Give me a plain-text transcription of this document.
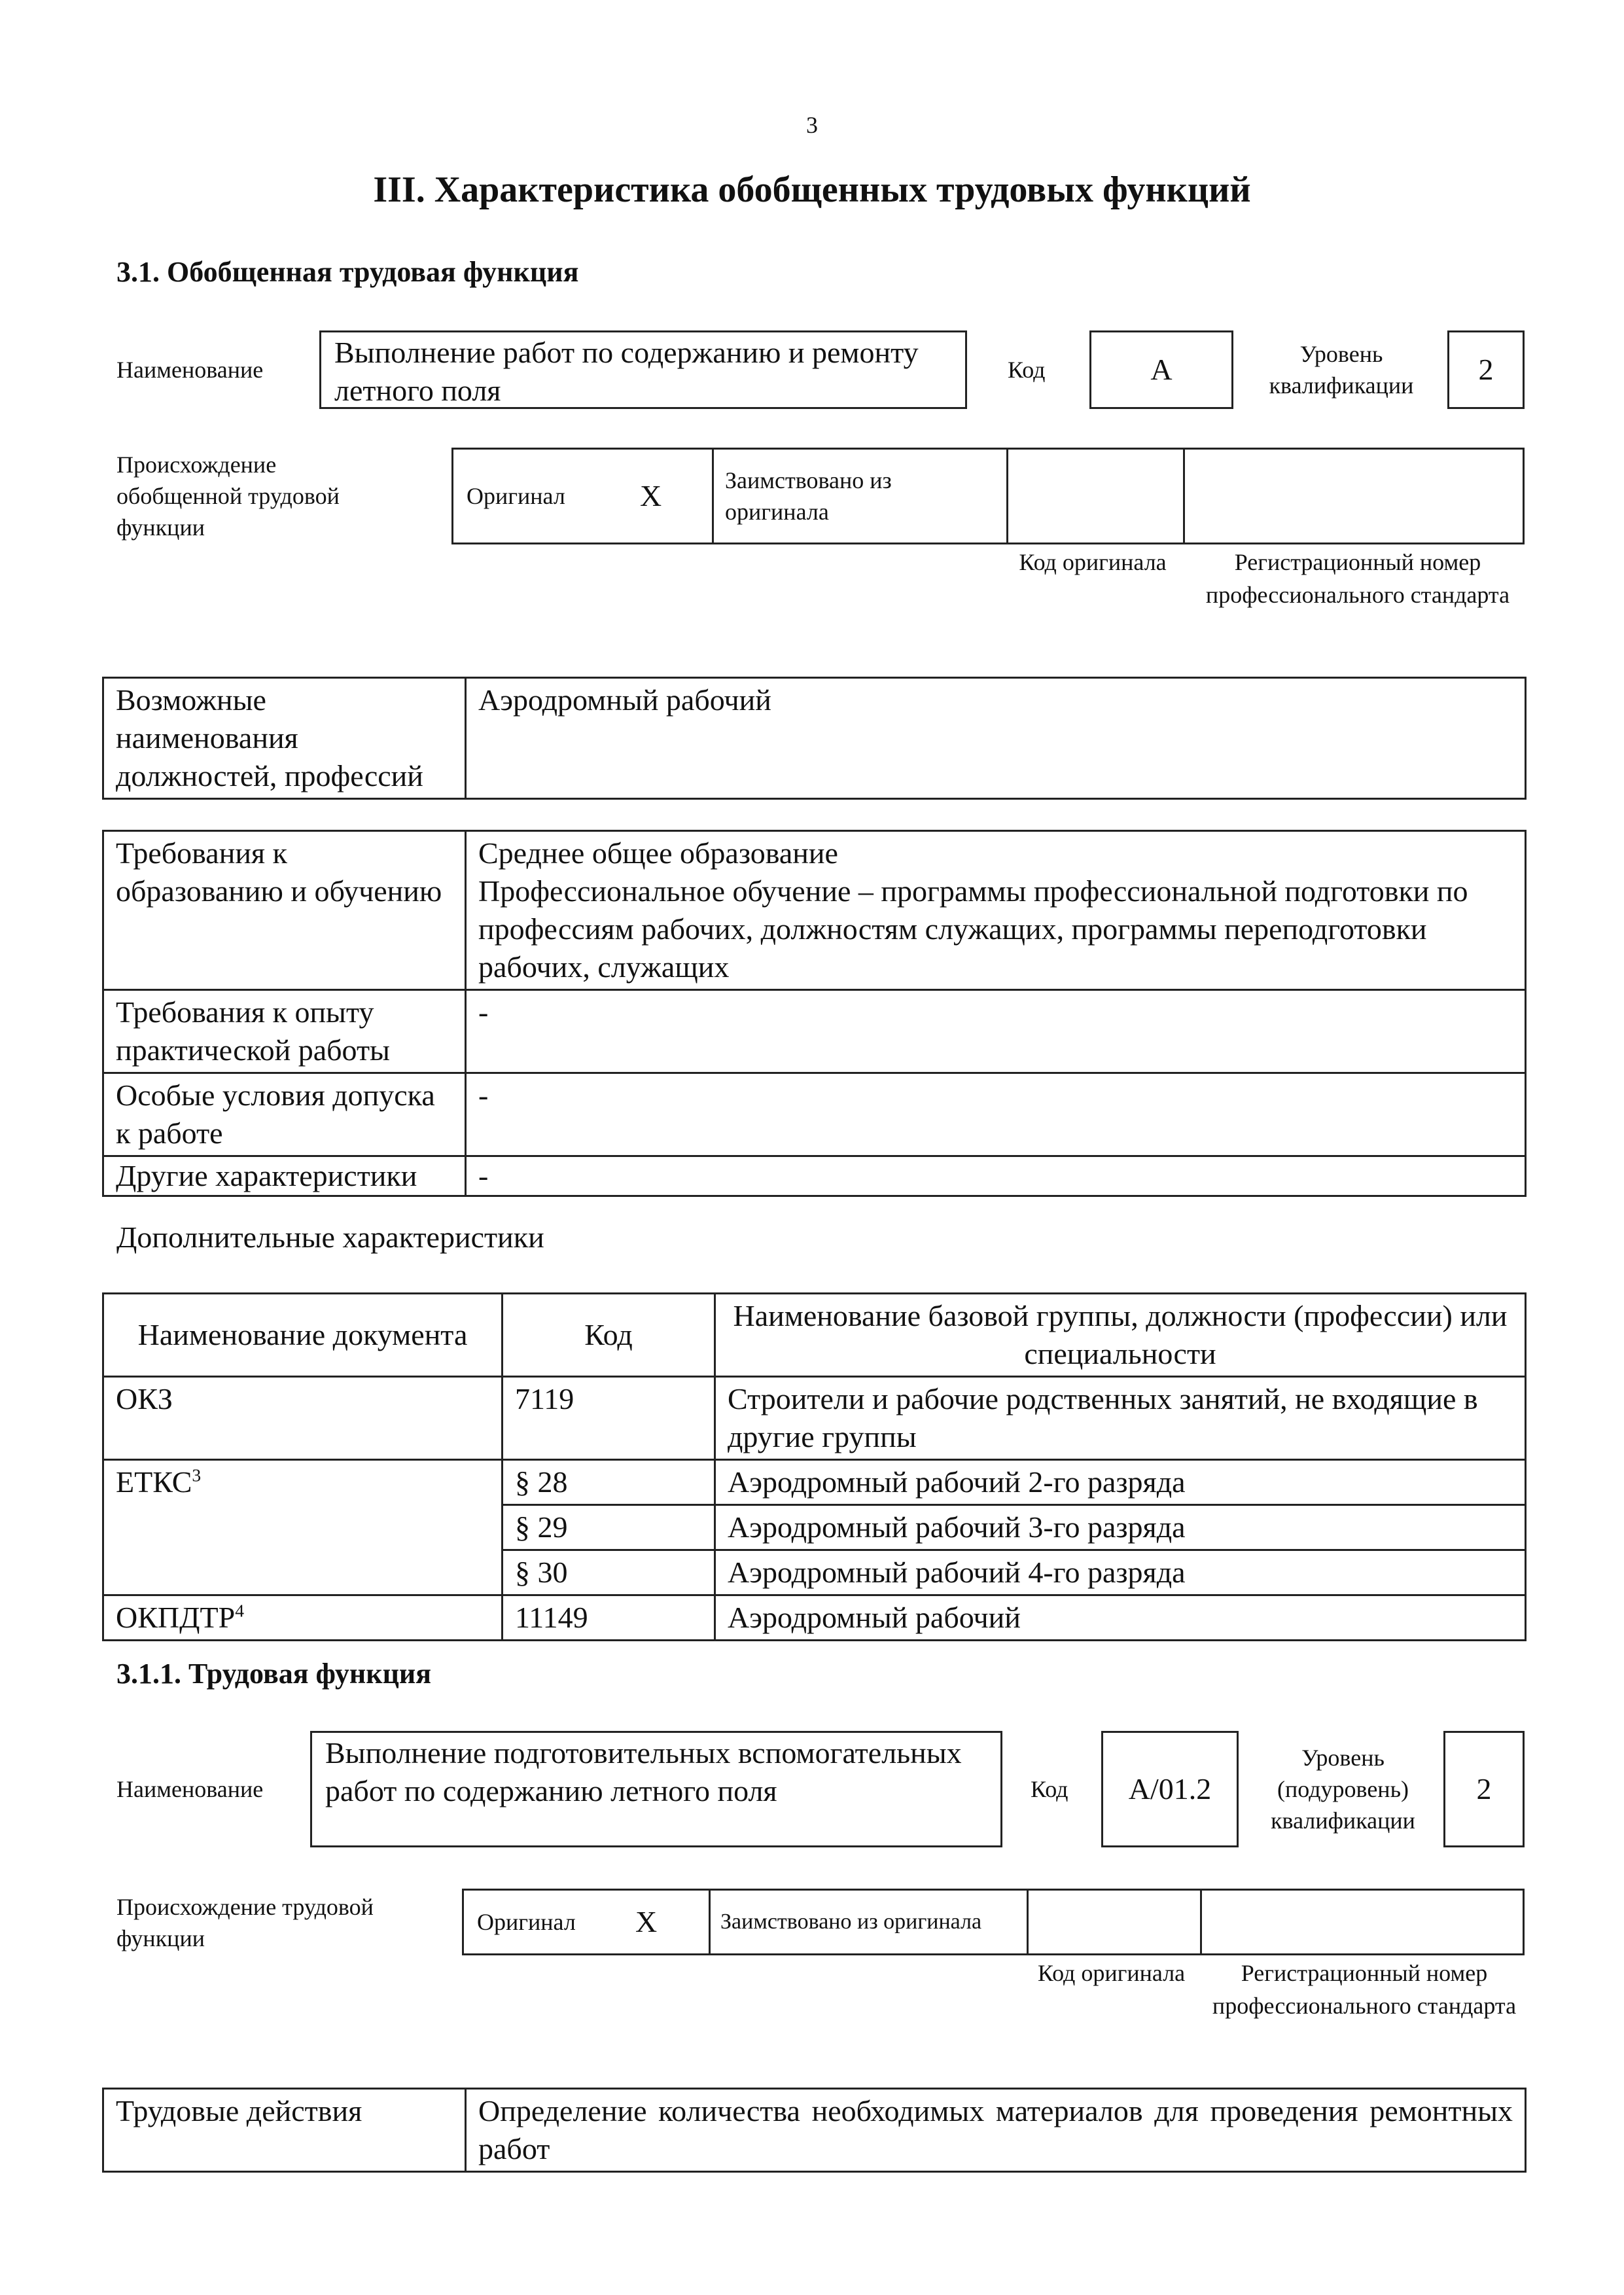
3
III. Характеристика обобщенных трудовых функций
3.1. Обобщенная трудовая функция
Наименование
Выполнение работ по содержанию и ремонту летного поля
Код	A	Уровень квалификации	2
Происхождение обобщенной трудовой функции
Оригинал X	Заимствовано из оригинала
Код оригинала	Регистрационный номер профессионального стандарта
Возможные наименования должностей, профессий	Аэродромный рабочий
Требования к образованию и обучению	Среднее общее образование
Профессиональное обучение – программы профессиональной подготовки по профессиям рабочих, должностям служащих, программы переподготовки рабочих, служащих
Требования к опыту практической работы	-
Особые условия допуска к работе	-
Другие характеристики	-
Дополнительные характеристики
Наименование документа	Код	Наименование базовой группы, должности (профессии) или специальности
ОКЗ	7119	Строители и рабочие родственных занятий, не входящие в другие группы
ЕТКС$^3$	§ 28	Аэродромный рабочий 2-го разряда
	§ 29	Аэродромный рабочий 3-го разряда
	§ 30	Аэродромный рабочий 4-го разряда
ОКПДТР$^4$	11149	Аэродромный рабочий
3.1.1. Трудовая функция
Наименование
Выполнение подготовительных вспомогательных работ по содержанию летного поля	Код	A/01.2
Уровень (подуровень) квалификации
2
Происхождение трудовой функции
Оригинал X	Заимствовано из оригинала
Код оригинала	Регистрационный номер профессионального стандарта
Трудовые действия	Определение количества необходимых материалов для проведения ремонтных работ
